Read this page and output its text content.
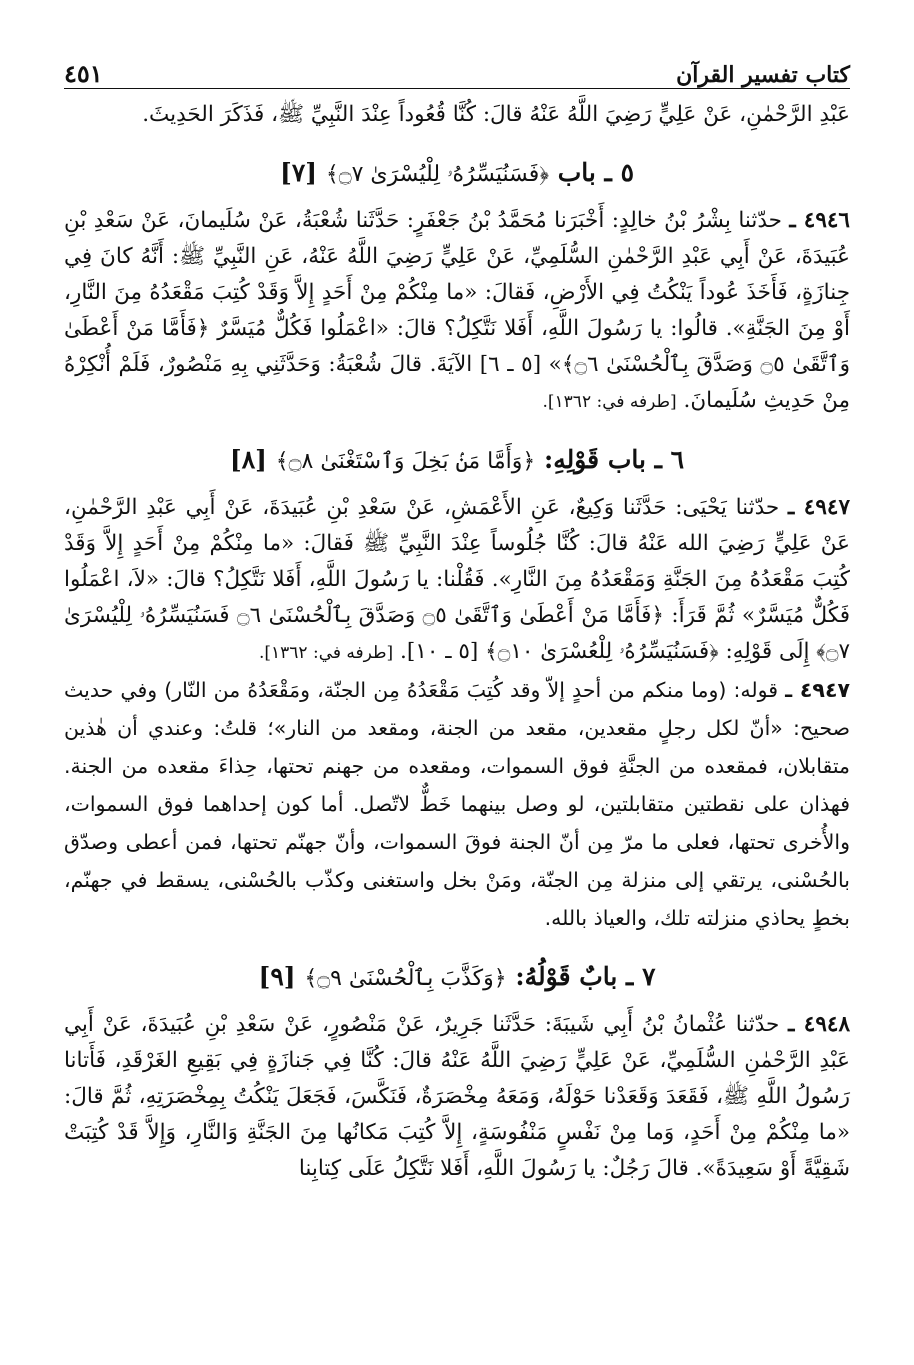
كتاب تفسير القرآن
٤٥١

عَبْدِ الرَّحْمٰنِ، عَنْ عَلِيٍّ رَضِيَ اللَّهُ عَنْهُ قالَ: كُنَّا قُعُوداً عِنْدَ النَّبِيِّ ﷺ، فَذَكَرَ الحَدِيثَ.

٥ ـ باب ﴿فَسَنُيَسِّرُهُۥ لِلْيُسْرَىٰ ۝٧﴾ [٧]

٤٩٤٦ ـ حدّثنا بِشْرُ بْنُ خالِدٍ: أَخْبَرَنا مُحَمَّدُ بْنُ جَعْفَرٍ: حَدَّثَنا شُعْبَةُ، عَنْ سُلَيمانَ، عَنْ سَعْدِ بْنِ عُبَيدَةَ، عَنْ أَبِي عَبْدِ الرَّحْمٰنِ السُّلَمِيِّ، عَنْ عَلِيٍّ رَضِيَ اللَّهُ عَنْهُ، عَنِ النَّبِيِّ ﷺ: أَنَّهُ كانَ فِي جِنازَةٍ، فَأَخَذَ عُوداً يَنْكُتُ فِي الأَرْضِ، فَقالَ: «ما مِنْكُمْ مِنْ أَحَدٍ إِلاَّ وَقَدْ كُتِبَ مَقْعَدُهُ مِنَ النَّارِ، أَوْ مِنَ الجَنَّةِ». قالُوا: يا رَسُولَ اللَّهِ، أَفَلا نَتَّكِلُ؟ قالَ: «اعْمَلُوا فَكُلٌّ مُيَسَّرٌ ﴿فَأَمَّا مَنْ أَعْطَىٰ وَٱتَّقَىٰ ۝٥ وَصَدَّقَ بِٱلْحُسْنَىٰ ۝٦﴾» [٥ ـ ٦] الآيَةَ. قالَ شُعْبَةُ: وَحَدَّثَنِي بِهِ مَنْصُورٌ، فَلَمْ أُنْكِرْهُ مِنْ حَدِيثِ سُلَيمانَ. [طرفه في: ١٣٦٢].

٦ ـ باب قَوْلِهِ: ﴿وَأَمَّا مَنۢ بَخِلَ وَٱسْتَغْنَىٰ ۝٨﴾ [٨]

٤٩٤٧ ـ حدّثنا يَحْيَى: حَدَّثَنا وَكِيعٌ، عَنِ الأَعْمَشِ، عَنْ سَعْدِ بْنِ عُبَيدَةَ، عَنْ أَبِي عَبْدِ الرَّحْمٰنِ، عَنْ عَلِيٍّ رَضِيَ الله عَنْهُ قالَ: كُنَّا جُلُوساً عِنْدَ النَّبِيِّ ﷺ فَقالَ: «ما مِنْكُمْ مِنْ أَحَدٍ إِلاَّ وَقَدْ كُتِبَ مَقْعَدُهُ مِنَ الجَنَّةِ وَمَقْعَدُهُ مِنَ النَّارِ». فَقُلْنا: يا رَسُولَ اللَّهِ، أَفَلا نَتَّكِلُ؟ قالَ: «لاَ، اعْمَلُوا فَكُلٌّ مُيَسَّرٌ» ثُمَّ قَرَأَ: ﴿فَأَمَّا مَنْ أَعْطَىٰ وَٱتَّقَىٰ ۝٥ وَصَدَّقَ بِٱلْحُسْنَىٰ ۝٦ فَسَنُيَسِّرُهُۥ لِلْيُسْرَىٰ ۝٧﴾ إِلَى قَوْلِهِ: ﴿فَسَنُيَسِّرُهُۥ لِلْعُسْرَىٰ ۝١٠﴾ [٥ ـ ١٠]. [طرفه في: ١٣٦٢].

٤٩٤٧ ـ قوله: (وما منكم من أحدٍ إلاّ وقد كُتِبَ مَقْعَدُهُ مِن الجنّة، ومَقْعَدُهُ من النّار) وفي حديث صحيح: «أنّ لكل رجلٍ مقعدين، مقعد من الجنة، ومقعد من النار»؛ قلتُ: وعندي أن هٰذين متقابلان، فمقعده من الجنَّةِ فوق السموات، ومقعده من جهنم تحتها، حِذاءَ مقعده من الجنة. فهذان على نقطتين متقابلتين، لو وصل بينهما خَطٌّ لاتّصل. أما كون إحداهما فوق السموات، والأُخرى تحتها، فعلى ما مرّ مِن أنّ الجنة فوقَ السموات، وأنّ جهنّم تحتها، فمن أعطى وصدّق بالحُسْنى، يرتقي إلى منزلة مِن الجنّة، ومَنْ بخل واستغنى وكذّب بالحُسْنى، يسقط في جهنّم، بخطٍ يحاذي منزلته تلك، والعياذ بالله.

٧ ـ بابٌ قَوْلُهُ: ﴿وَكَذَّبَ بِٱلْحُسْنَىٰ ۝٩﴾ [٩]

٤٩٤٨ ـ حدّثنا عُثْمانُ بْنُ أَبِي شَيبَةَ: حَدَّثَنا جَرِيرٌ، عَنْ مَنْصُورٍ، عَنْ سَعْدِ بْنِ عُبَيدَةَ، عَنْ أَبِي عَبْدِ الرَّحْمٰنِ السُّلَمِيِّ، عَنْ عَلِيٍّ رَضِيَ اللَّهُ عَنْهُ قالَ: كُنَّا فِي جَنازَةٍ فِي بَقِيعِ الغَرْقَدِ، فَأَتانا رَسُولُ اللَّهِ ﷺ، فَقَعَدَ وَقَعَدْنا حَوْلَهُ، وَمَعَهُ مِخْصَرَةٌ، فَنَكَّسَ، فَجَعَلَ يَنْكُتُ بِمِخْصَرَتِهِ، ثُمَّ قالَ: «ما مِنْكُمْ مِنْ أَحَدٍ، وَما مِنْ نَفْسٍ مَنْفُوسَةٍ، إِلاَّ كُتِبَ مَكانُها مِنَ الجَنَّةِ وَالنَّارِ، وَإِلاَّ قَدْ كُتِبَتْ شَقِيَّةً أَوْ سَعِيدَةً». قالَ رَجُلٌ: يا رَسُولَ اللَّهِ، أَفَلا نَتَّكِلُ عَلَى كِتابِنا
